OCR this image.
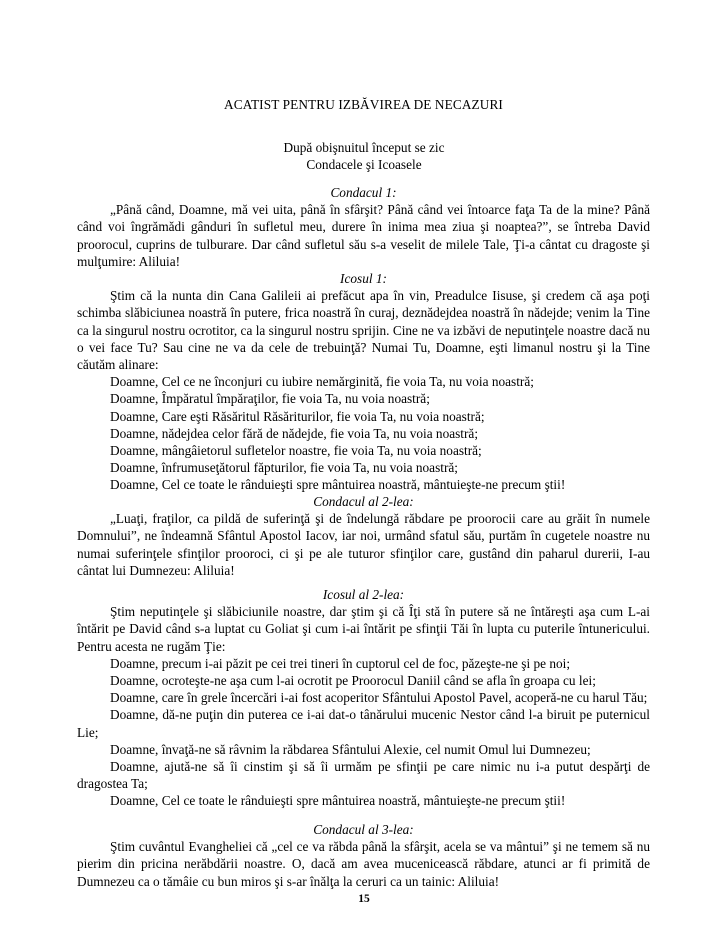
ACATIST PENTRU IZBĂVIREA DE NECAZURI
După obişnuitul început se zic
Condacele şi Icoasele
Condacul 1:
„Până când, Doamne, mă vei uita, până în sfârşit? Până când vei întoarce faţa Ta de la mine? Până când voi îngrămădi gânduri în sufletul meu, durere în inima mea ziua şi noaptea?”, se întreba David proorocul, cuprins de tulburare. Dar când sufletul său s-a veselit de milele Tale, Ţi-a cântat cu dragoste şi mulţumire: Aliluia!
Icosul 1:
Ştim că la nunta din Cana Galileii ai prefăcut apa în vin, Preadulce Iisuse, şi credem că aşa poţi schimba slăbiciunea noastră în putere, frica noastră în curaj, deznădejdea noastră în nădejde; venim la Tine ca la singurul nostru ocrotitor, ca la singurul nostru sprijin. Cine ne va izbăvi de neputinţele noastre dacă nu o vei face Tu? Sau cine ne va da cele de trebuinţă? Numai Tu, Doamne, eşti limanul nostru şi la Tine căutăm alinare:
Doamne, Cel ce ne înconjuri cu iubire nemărginită, fie voia Ta, nu voia noastră;
Doamne, Împăratul împăraţilor, fie voia Ta, nu voia noastră;
Doamne, Care eşti Răsăritul Răsăriturilor, fie voia Ta, nu voia noastră;
Doamne, nădejdea celor fără de nădejde, fie voia Ta, nu voia noastră;
Doamne, mângâietorul sufletelor noastre, fie voia Ta, nu voia noastră;
Doamne, înfrumuseţătorul făpturilor, fie voia Ta, nu voia noastră;
Doamne, Cel ce toate le rânduieşti spre mântuirea noastră, mântuieşte-ne precum ştii!
Condacul al 2-lea:
„Luaţi, fraţilor, ca pildă de suferinţă şi de îndelungă răbdare pe proorocii care au grăit în numele Domnului”, ne îndeamnă Sfântul Apostol Iacov, iar noi, urmând sfatul său, purtăm în cugetele noastre nu numai suferinţele sfinţilor prooroci, ci şi pe ale tuturor sfinţilor care, gustând din paharul durerii, I-au cântat lui Dumnezeu: Aliluia!
Icosul al 2-lea:
Ştim neputinţele şi slăbiciunile noastre, dar ştim şi că Îţi stă în putere să ne întăreşti aşa cum L-ai întărit pe David când s-a luptat cu Goliat şi cum i-ai întărit pe sfinţii Tăi în lupta cu puterile întunericului. Pentru acesta ne rugăm Ţie:
Doamne, precum i-ai păzit pe cei trei tineri în cuptorul cel de foc, păzeşte-ne şi pe noi;
Doamne, ocroteşte-ne aşa cum l-ai ocrotit pe Proorocul Daniil când se afla în groapa cu lei;
Doamne, care în grele încercări i-ai fost acoperitor Sfântului Apostol Pavel, acoperă-ne cu harul Tău;
Doamne, dă-ne puţin din puterea ce i-ai dat-o tânărului mucenic Nestor când l-a biruit pe puternicul Lie;
Doamne, învaţă-ne să râvnim la răbdarea Sfântului Alexie, cel numit Omul lui Dumnezeu;
Doamne, ajută-ne să îi cinstim şi să îi urmăm pe sfinţii pe care nimic nu i-a putut despărţi de dragostea Ta;
Doamne, Cel ce toate le rânduieşti spre mântuirea noastră, mântuieşte-ne precum ştii!
Condacul al 3-lea:
Ştim cuvântul Evangheliei că „cel ce va răbda până la sfârşit, acela se va mântui” şi ne temem să nu pierim din pricina nerăbdării noastre. O, dacă am avea mucenicească răbdare, atunci ar fi primită de Dumnezeu ca o tămâie cu bun miros şi s-ar înălţa la ceruri ca un tainic: Aliluia!
15
